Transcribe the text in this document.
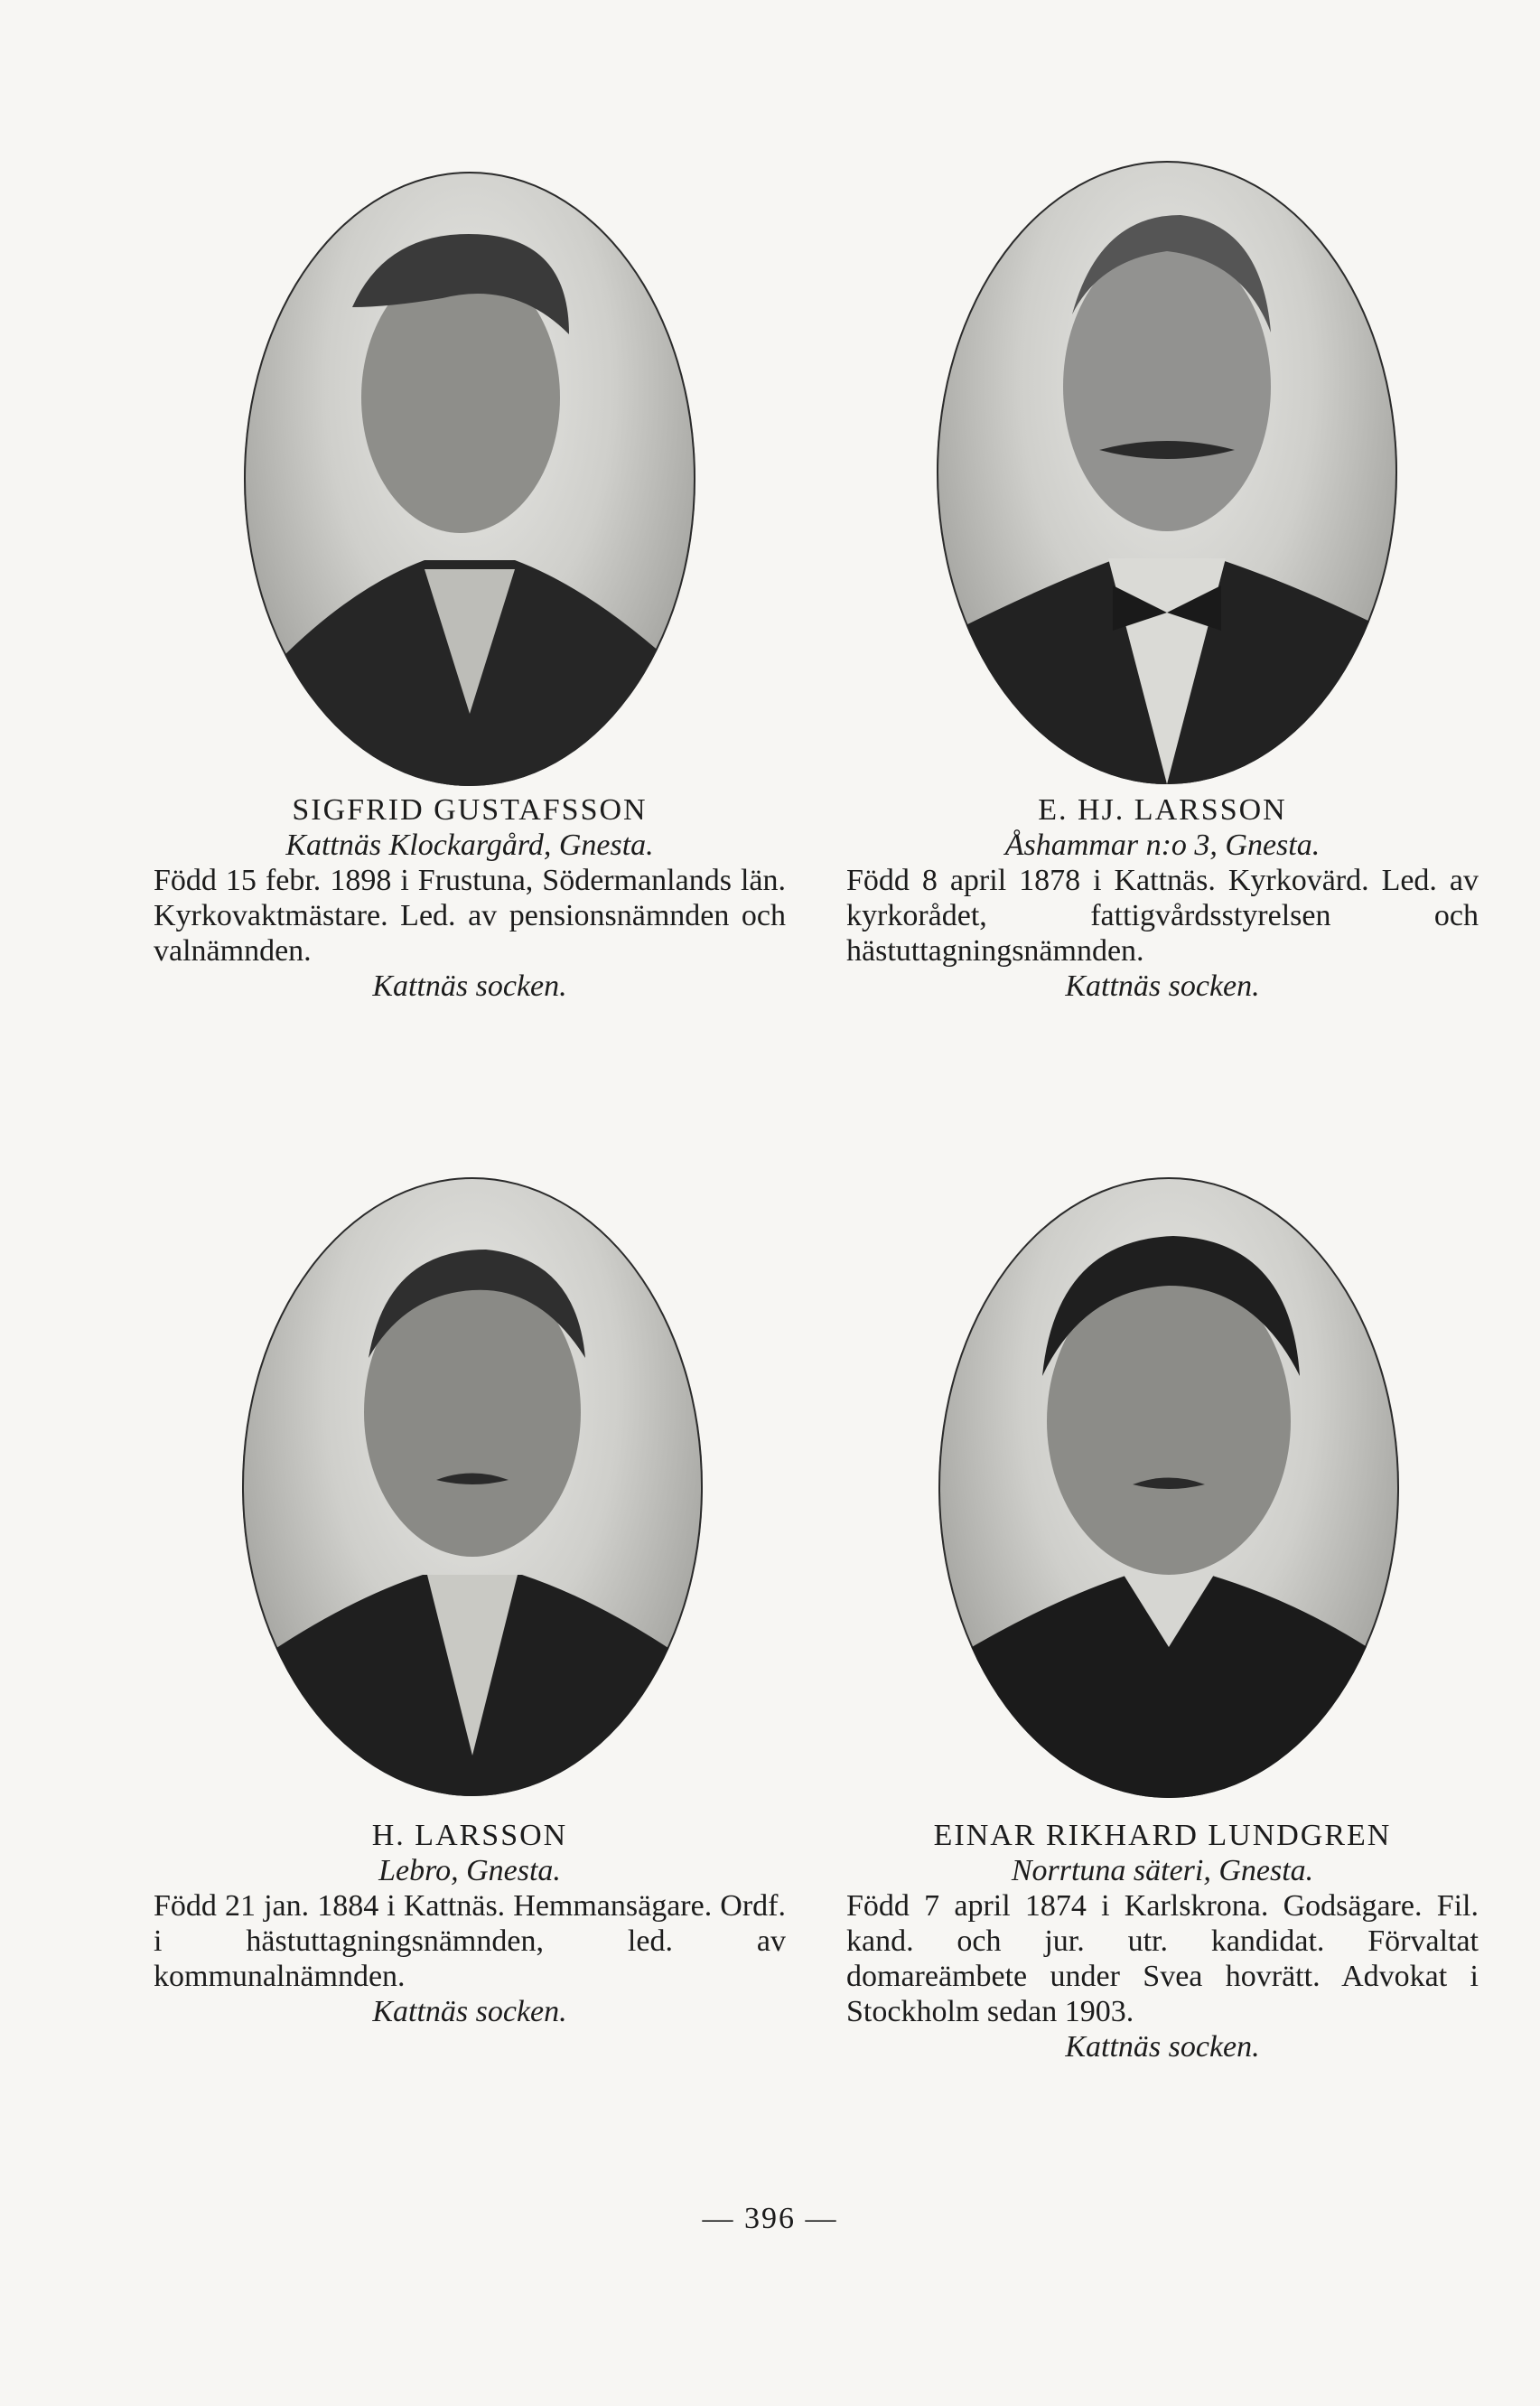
SIGFRID GUSTAFSSON
Kattnäs Klockargård, Gnesta.
Född 15 febr. 1898 i Frustuna, Södermanlands län. Kyrkovaktmästare. Led. av pensionsnämnden och valnämnden.
Kattnäs socken.
E. HJ. LARSSON
Åshammar n:o 3, Gnesta.
Född 8 april 1878 i Kattnäs. Kyrkovärd. Led. av kyrkorådet, fattigvårdsstyrelsen och hästuttagningsnämnden.
Kattnäs socken.
H. LARSSON
Lebro, Gnesta.
Född 21 jan. 1884 i Kattnäs. Hemmansägare. Ordf. i hästuttagningsnämnden, led. av kommunalnämnden.
Kattnäs socken.
EINAR RIKHARD LUNDGREN
Norrtuna säteri, Gnesta.
Född 7 april 1874 i Karlskrona. Godsägare. Fil. kand. och jur. utr. kandidat. Förvaltat domareämbete under Svea hovrätt. Advokat i Stockholm sedan 1903.
Kattnäs socken.
— 396 —
